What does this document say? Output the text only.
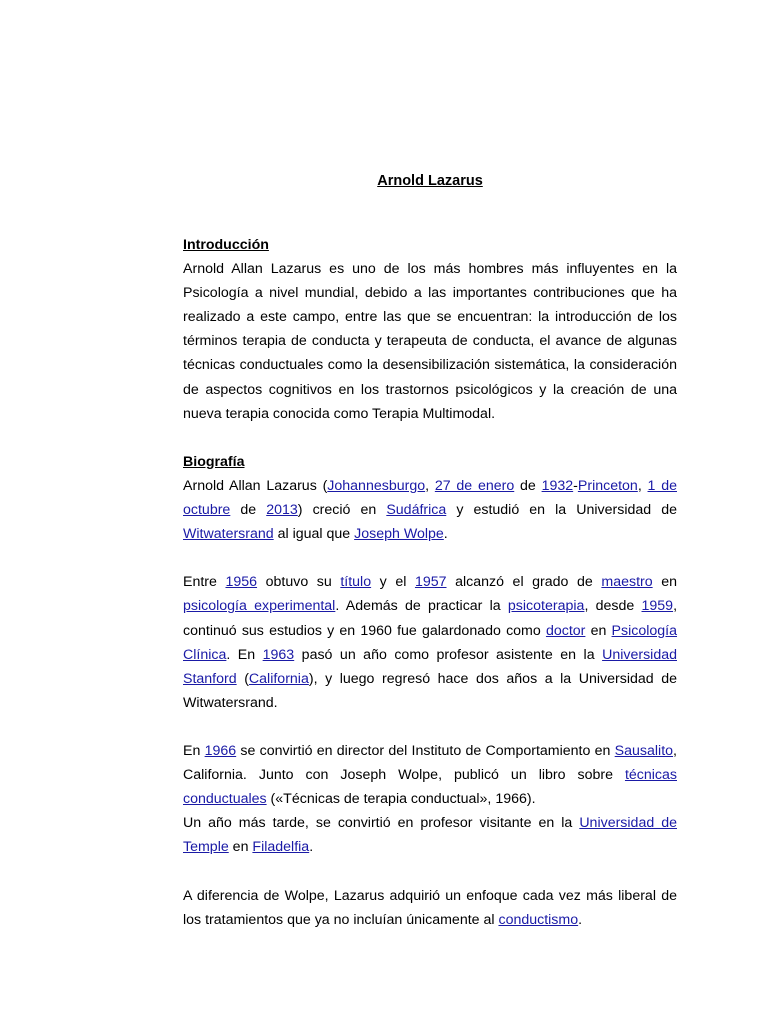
Arnold Lazarus

Introducción

Arnold Allan Lazarus es uno de los más hombres más influyentes en la Psicología a nivel mundial, debido a las importantes contribuciones que ha realizado a este campo, entre las que se encuentran: la introducción de los términos terapia de conducta y terapeuta de conducta, el avance de algunas técnicas conductuales como la desensibilización sistemática, la consideración de aspectos cognitivos en los trastornos psicológicos y la creación de una nueva terapia conocida como Terapia Multimodal.

Biografía

Arnold Allan Lazarus (Johannesburgo, 27 de enero de 1932-Princeton, 1 de octubre de 2013) creció en Sudáfrica y estudió en la Universidad de Witwatersrand al igual que Joseph Wolpe.

Entre 1956 obtuvo su título y el 1957 alcanzó el grado de maestro en psicología experimental. Además de practicar la psicoterapia, desde 1959, continuó sus estudios y en 1960 fue galardonado como doctor en Psicología Clínica. En 1963 pasó un año como profesor asistente en la Universidad Stanford (California), y luego regresó hace dos años a la Universidad de Witwatersrand.

En 1966 se convirtió en director del Instituto de Comportamiento en Sausalito, California. Junto con Joseph Wolpe, publicó un libro sobre técnicas conductuales («Técnicas de terapia conductual», 1966).

Un año más tarde, se convirtió en profesor visitante en la Universidad de Temple en Filadelfia.

A diferencia de Wolpe, Lazarus adquirió un enfoque cada vez más liberal de los tratamientos que ya no incluían únicamente al conductismo.
